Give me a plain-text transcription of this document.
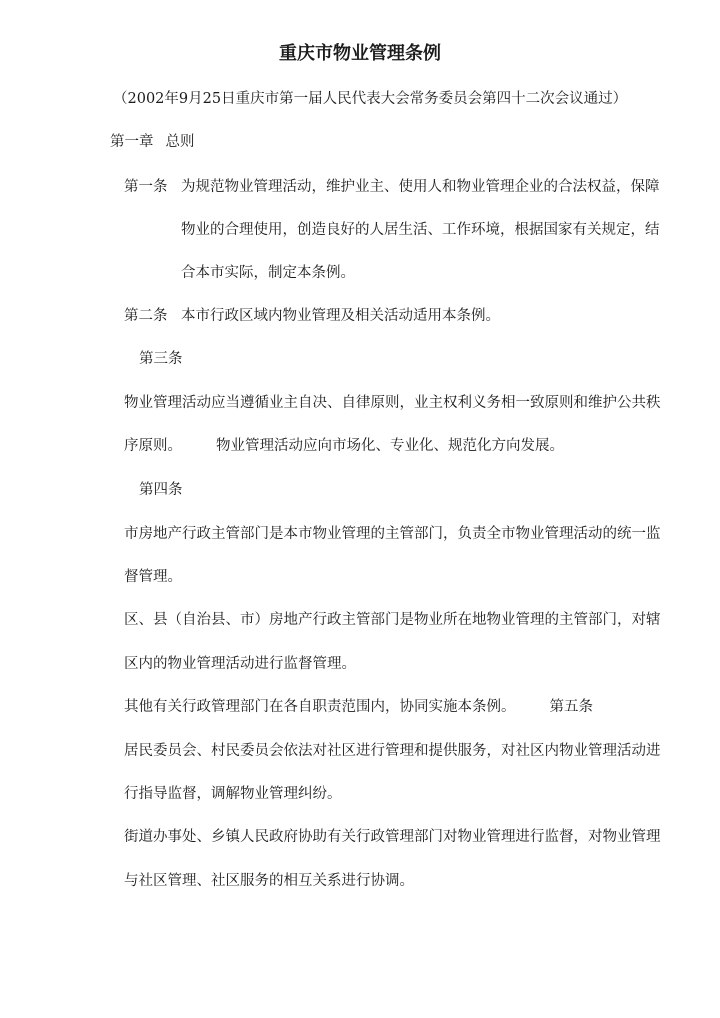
重庆市物业管理条例

（2002年9月25日重庆市第一届人民代表大会常务委员会第四十二次会议通过）

第一章 总则

第一条 为规范物业管理活动，维护业主、使用人和物业管理企业的合法权益，保障

物业的合理使用，创造良好的人居生活、工作环境，根据国家有关规定，结

合本市实际，制定本条例。

第二条 本市行政区域内物业管理及相关活动适用本条例。

第三条

物业管理活动应当遵循业主自决、自律原则，业主权利义务相一致原则和维护公共秩

序原则。 物业管理活动应向市场化、专业化、规范化方向发展。

第四条

市房地产行政主管部门是本市物业管理的主管部门，负责全市物业管理活动的统一监

督管理。

区、县（自治县、市）房地产行政主管部门是物业所在地物业管理的主管部门，对辖

区内的物业管理活动进行监督管理。

其他有关行政管理部门在各自职责范围内，协同实施本条例。 第五条

居民委员会、村民委员会依法对社区进行管理和提供服务，对社区内物业管理活动进

行指导监督，调解物业管理纠纷。

街道办事处、乡镇人民政府协助有关行政管理部门对物业管理进行监督，对物业管理

与社区管理、社区服务的相互关系进行协调。
